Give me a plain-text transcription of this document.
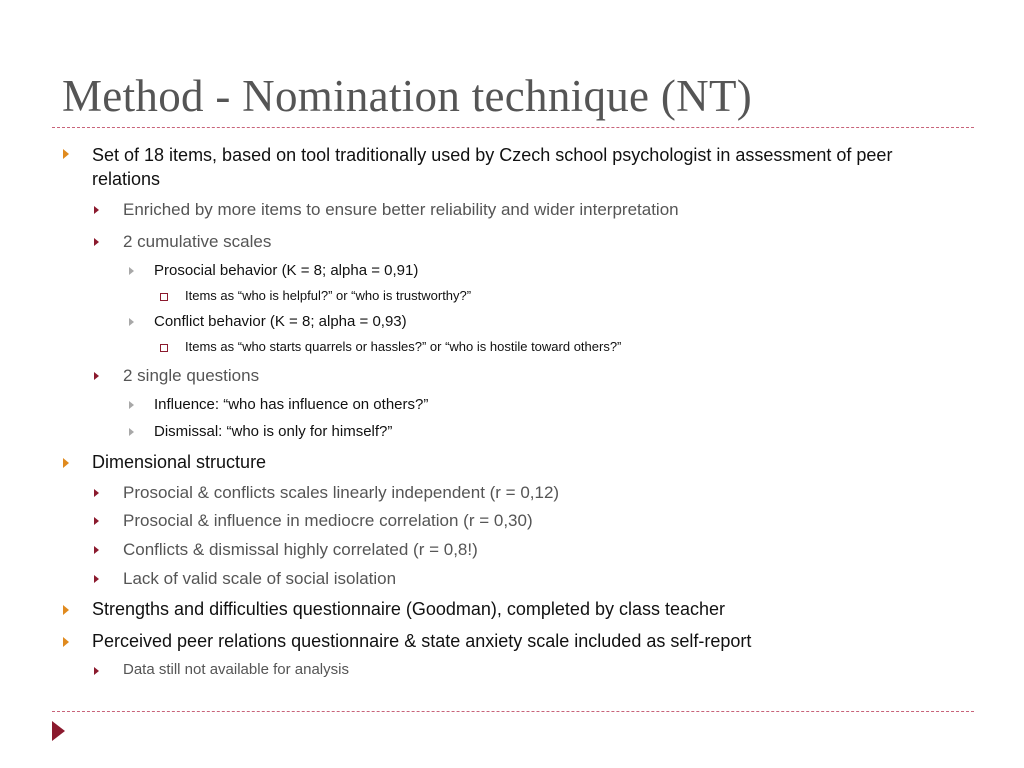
Method - Nomination technique (NT)
Set of 18 items, based on tool traditionally used by Czech school psychologist in assessment of peer relations
Enriched by more items to ensure better reliability and wider interpretation
2 cumulative scales
Prosocial behavior (K = 8; alpha = 0,91)
Items as “who is helpful?” or “who is trustworthy?”
Conflict behavior (K = 8; alpha = 0,93)
Items as “who starts quarrels or hassles?” or “who is hostile toward others?”
2 single questions
Influence: “who has influence on others?”
Dismissal: “who is only for himself?”
Dimensional structure
Prosocial & conflicts scales linearly independent (r = 0,12)
Prosocial & influence in mediocre correlation (r = 0,30)
Conflicts & dismissal highly correlated (r = 0,8!)
Lack of valid scale of social isolation
Strengths and difficulties questionnaire (Goodman), completed by class teacher
Perceived peer relations questionnaire & state anxiety scale included as self-report
Data still not available for analysis
